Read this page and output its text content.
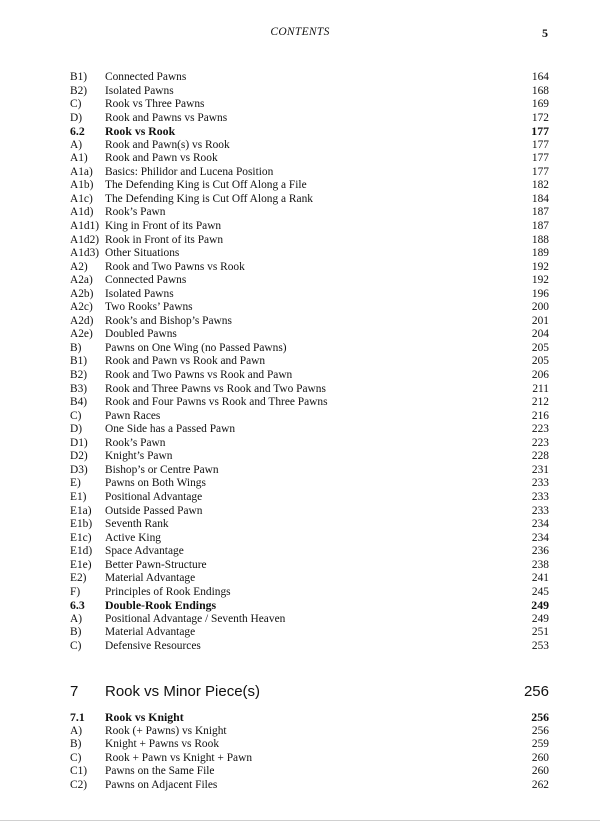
CONTENTS	5
B1) Connected Pawns	164
B2) Isolated Pawns	168
C) Rook vs Three Pawns	169
D) Rook and Pawns vs Pawns	172
6.2 Rook vs Rook	177
A) Rook and Pawn(s) vs Rook	177
A1) Rook and Pawn vs Rook	177
A1a) Basics: Philidor and Lucena Position	177
A1b) The Defending King is Cut Off Along a File	182
A1c) The Defending King is Cut Off Along a Rank	184
A1d) Rook’s Pawn	187
A1d1) King in Front of its Pawn	187
A1d2) Rook in Front of its Pawn	188
A1d3) Other Situations	189
A2) Rook and Two Pawns vs Rook	192
A2a) Connected Pawns	192
A2b) Isolated Pawns	196
A2c) Two Rooks’ Pawns	200
A2d) Rook’s and Bishop’s Pawns	201
A2e) Doubled Pawns	204
B) Pawns on One Wing (no Passed Pawns)	205
B1) Rook and Pawn vs Rook and Pawn	205
B2) Rook and Two Pawns vs Rook and Pawn	206
B3) Rook and Three Pawns vs Rook and Two Pawns	211
B4) Rook and Four Pawns vs Rook and Three Pawns	212
C) Pawn Races	216
D) One Side has a Passed Pawn	223
D1) Rook’s Pawn	223
D2) Knight’s Pawn	228
D3) Bishop’s or Centre Pawn	231
E) Pawns on Both Wings	233
E1) Positional Advantage	233
E1a) Outside Passed Pawn	233
E1b) Seventh Rank	234
E1c) Active King	234
E1d) Space Advantage	236
E1e) Better Pawn-Structure	238
E2) Material Advantage	241
F) Principles of Rook Endings	245
6.3 Double-Rook Endings	249
A) Positional Advantage / Seventh Heaven	249
B) Material Advantage	251
C) Defensive Resources	253
7 Rook vs Minor Piece(s)	256
7.1 Rook vs Knight	256
A) Rook (+ Pawns) vs Knight	256
B) Knight + Pawns vs Rook	259
C) Rook + Pawn vs Knight + Pawn	260
C1) Pawns on the Same File	260
C2) Pawns on Adjacent Files	262
